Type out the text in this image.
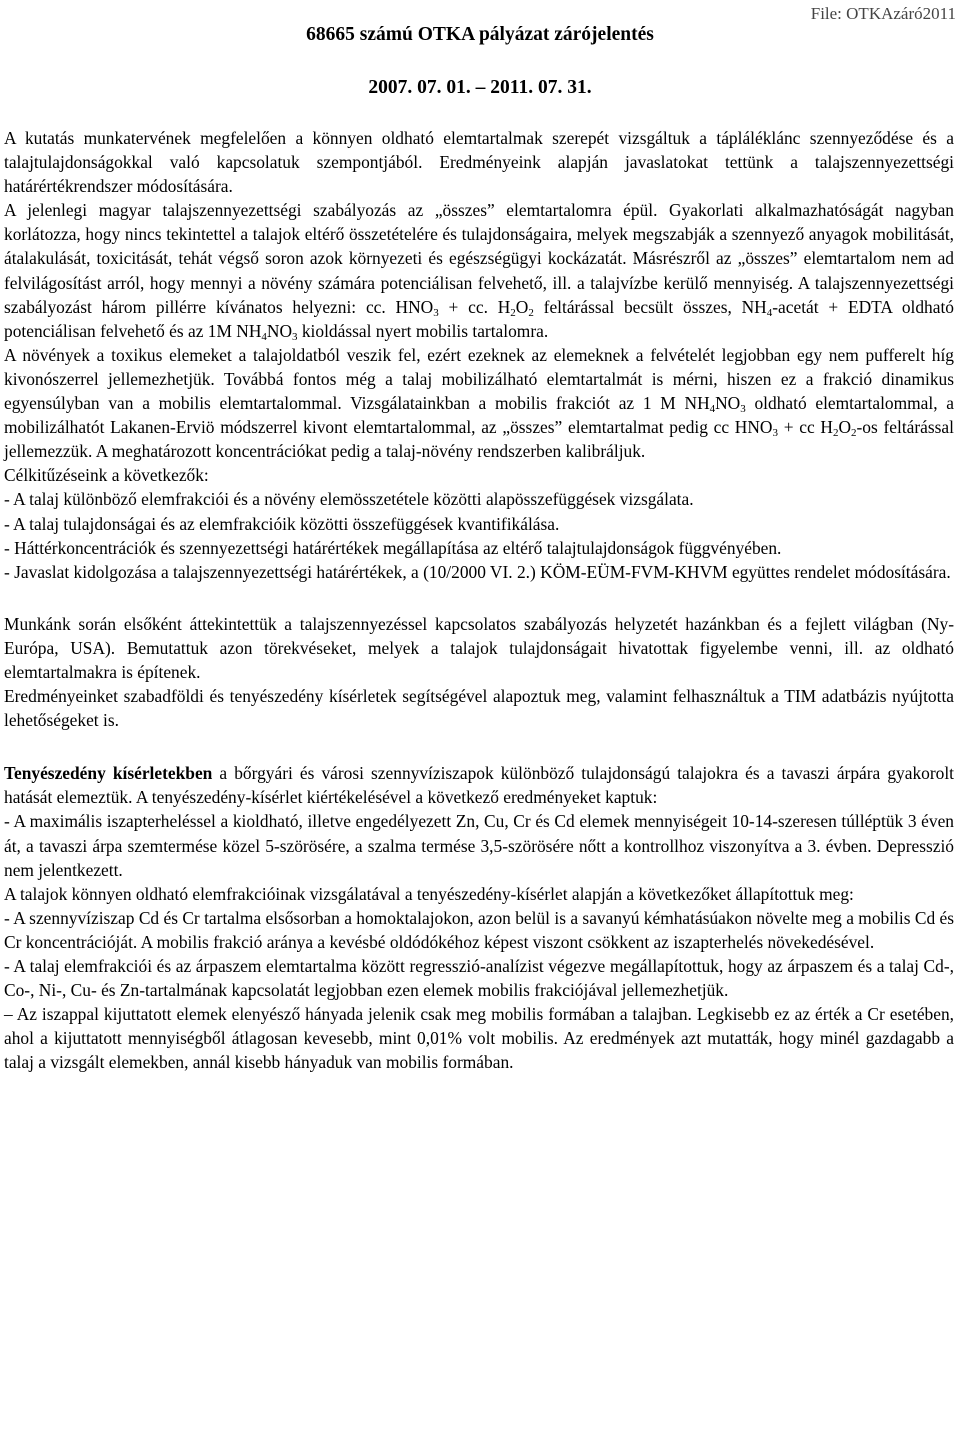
File: OTKAzáró2011
68665 számú OTKA pályázat zárójelentés
2007. 07. 01. – 2011. 07. 31.

A kutatás munkatervének megfelelően a könnyen oldható elemtartalmak szerepét vizsgáltuk a tápláléklánc szennyeződése és a talajtulajdonságokkal való kapcsolatuk szempontjából. Eredményeink alapján javaslatokat tettünk a talajszennyezettségi határértékrendszer módosítására.

A jelenlegi magyar talajszennyezettségi szabályozás az „összes” elemtartalomra épül. Gyakorlati alkalmazhatóságát nagyban korlátozza, hogy nincs tekintettel a talajok eltérő összetételére és tulajdonságaira, melyek megszabják a szennyező anyagok mobilitását, átalakulását, toxicitását, tehát végső soron azok környezeti és egészségügyi kockázatát. Másrészről az „összes” elemtartalom nem ad felvilágosítást arról, hogy mennyi a növény számára potenciálisan felvehető, ill. a talajvízbe kerülő mennyiség. A talajszennyezettségi szabályozást három pillérre kívánatos helyezni: cc. $HNO_3$ + cc. $H_2O_2$ feltárással becsült összes, $NH_4$-acetát + EDTA oldható potenciálisan felvehető és az 1M $NH_4NO_3$ kioldással nyert mobilis tartalomra.

A növények a toxikus elemeket a talajoldatból veszik fel, ezért ezeknek az elemeknek a felvételét legjobban egy nem pufferelt híg kivonószerrel jellemezhetjük. Továbbá fontos még a talaj mobilizálható elemtartalmát is mérni, hiszen ez a frakció dinamikus egyensúlyban van a mobilis elemtartalommal. Vizsgálatainkban a mobilis frakciót az 1 M $NH_4NO_3$ oldható elemtartalommal, a mobilizálhatót Lakanen-Erviö módszerrel kivont elemtartalommal, az „összes” elemtartalmat pedig cc $HNO_3$ + cc $H_2O_2-os$ feltárással jellemezzük. A meghatározott koncentrációkat pedig a talaj-növény rendszerben kalibráljuk.

Célkitűzéseink a következők:

- A talaj különböző elemfrakciói és a növény elemösszetétele közötti alapösszefüggések vizsgálata.

- A talaj tulajdonságai és az elemfrakcióik közötti összefüggések kvantifikálása.

- Háttérkoncentrációk és szennyezettségi határértékek megállapítása az eltérő talajtulajdonságok függvényében.

- Javaslat kidolgozása a talajszennyezettségi határértékek, a (10/2000 VI. 2.) KÖM-EÜM-FVM-KHVM együttes rendelet módosítására.

Munkánk során elsőként áttekintettük a talajszennyezéssel kapcsolatos szabályozás helyzetét hazánkban és a fejlett világban (Ny-Európa, USA). Bemutattuk azon törekvéseket, melyek a talajok tulajdonságait hivatottak figyelembe venni, ill. az oldható elemtartalmakra is építenek.

Eredményeinket szabadföldi és tenyészedény kísérletek segítségével alapoztuk meg, valamint felhasználtuk a TIM adatbázis nyújtotta lehetőségeket is.

Tenyészedény kísérletekben a bőrgyári és városi szennyvíziszapok különböző tulajdonságú talajokra és a tavaszi árpára gyakorolt hatását elemeztük. A tenyészedény-kísérlet kiértékelésével a következő eredményeket kaptuk:

- A maximális iszapterheléssel a kioldható, illetve engedélyezett Zn, Cu, Cr és Cd elemek mennyiségeit 10-14-szeresen túlléptük 3 éven át, a tavaszi árpa szemtermése közel 5-szörösére, a szalma termése 3,5-szörösére nőtt a kontrollhoz viszonyítva a 3. évben. Depresszió nem jelentkezett.

A talajok könnyen oldható elemfrakcióinak vizsgálatával a tenyészedény-kísérlet alapján a következőket állapítottuk meg:

- A szennyvíziszap Cd és Cr tartalma elsősorban a homoktalajokon, azon belül is a savanyú kémhatásúakon növelte meg a mobilis Cd és Cr koncentrációját. A mobilis frakció aránya a kevésbé oldódókéhoz képest viszont csökkent az iszapterhelés növekedésével.

- A talaj elemfrakciói és az árpaszem elemtartalma között regresszió-analízist végezve megállapítottuk, hogy az árpaszem és a talaj Cd-, Co-, Ni-, Cu- és Zn-tartalmának kapcsolatát legjobban ezen elemek mobilis frakciójával jellemezhetjük.

– Az iszappal kijuttatott elemek elenyésző hányada jelenik csak meg mobilis formában a talajban. Legkisebb ez az érték a Cr esetében, ahol a kijuttatott mennyiségből átlagosan kevesebb, mint 0,01% volt mobilis. Az eredmények azt mutatták, hogy minél gazdagabb a talaj a vizsgált elemekben, annál kisebb hányaduk van mobilis formában.
